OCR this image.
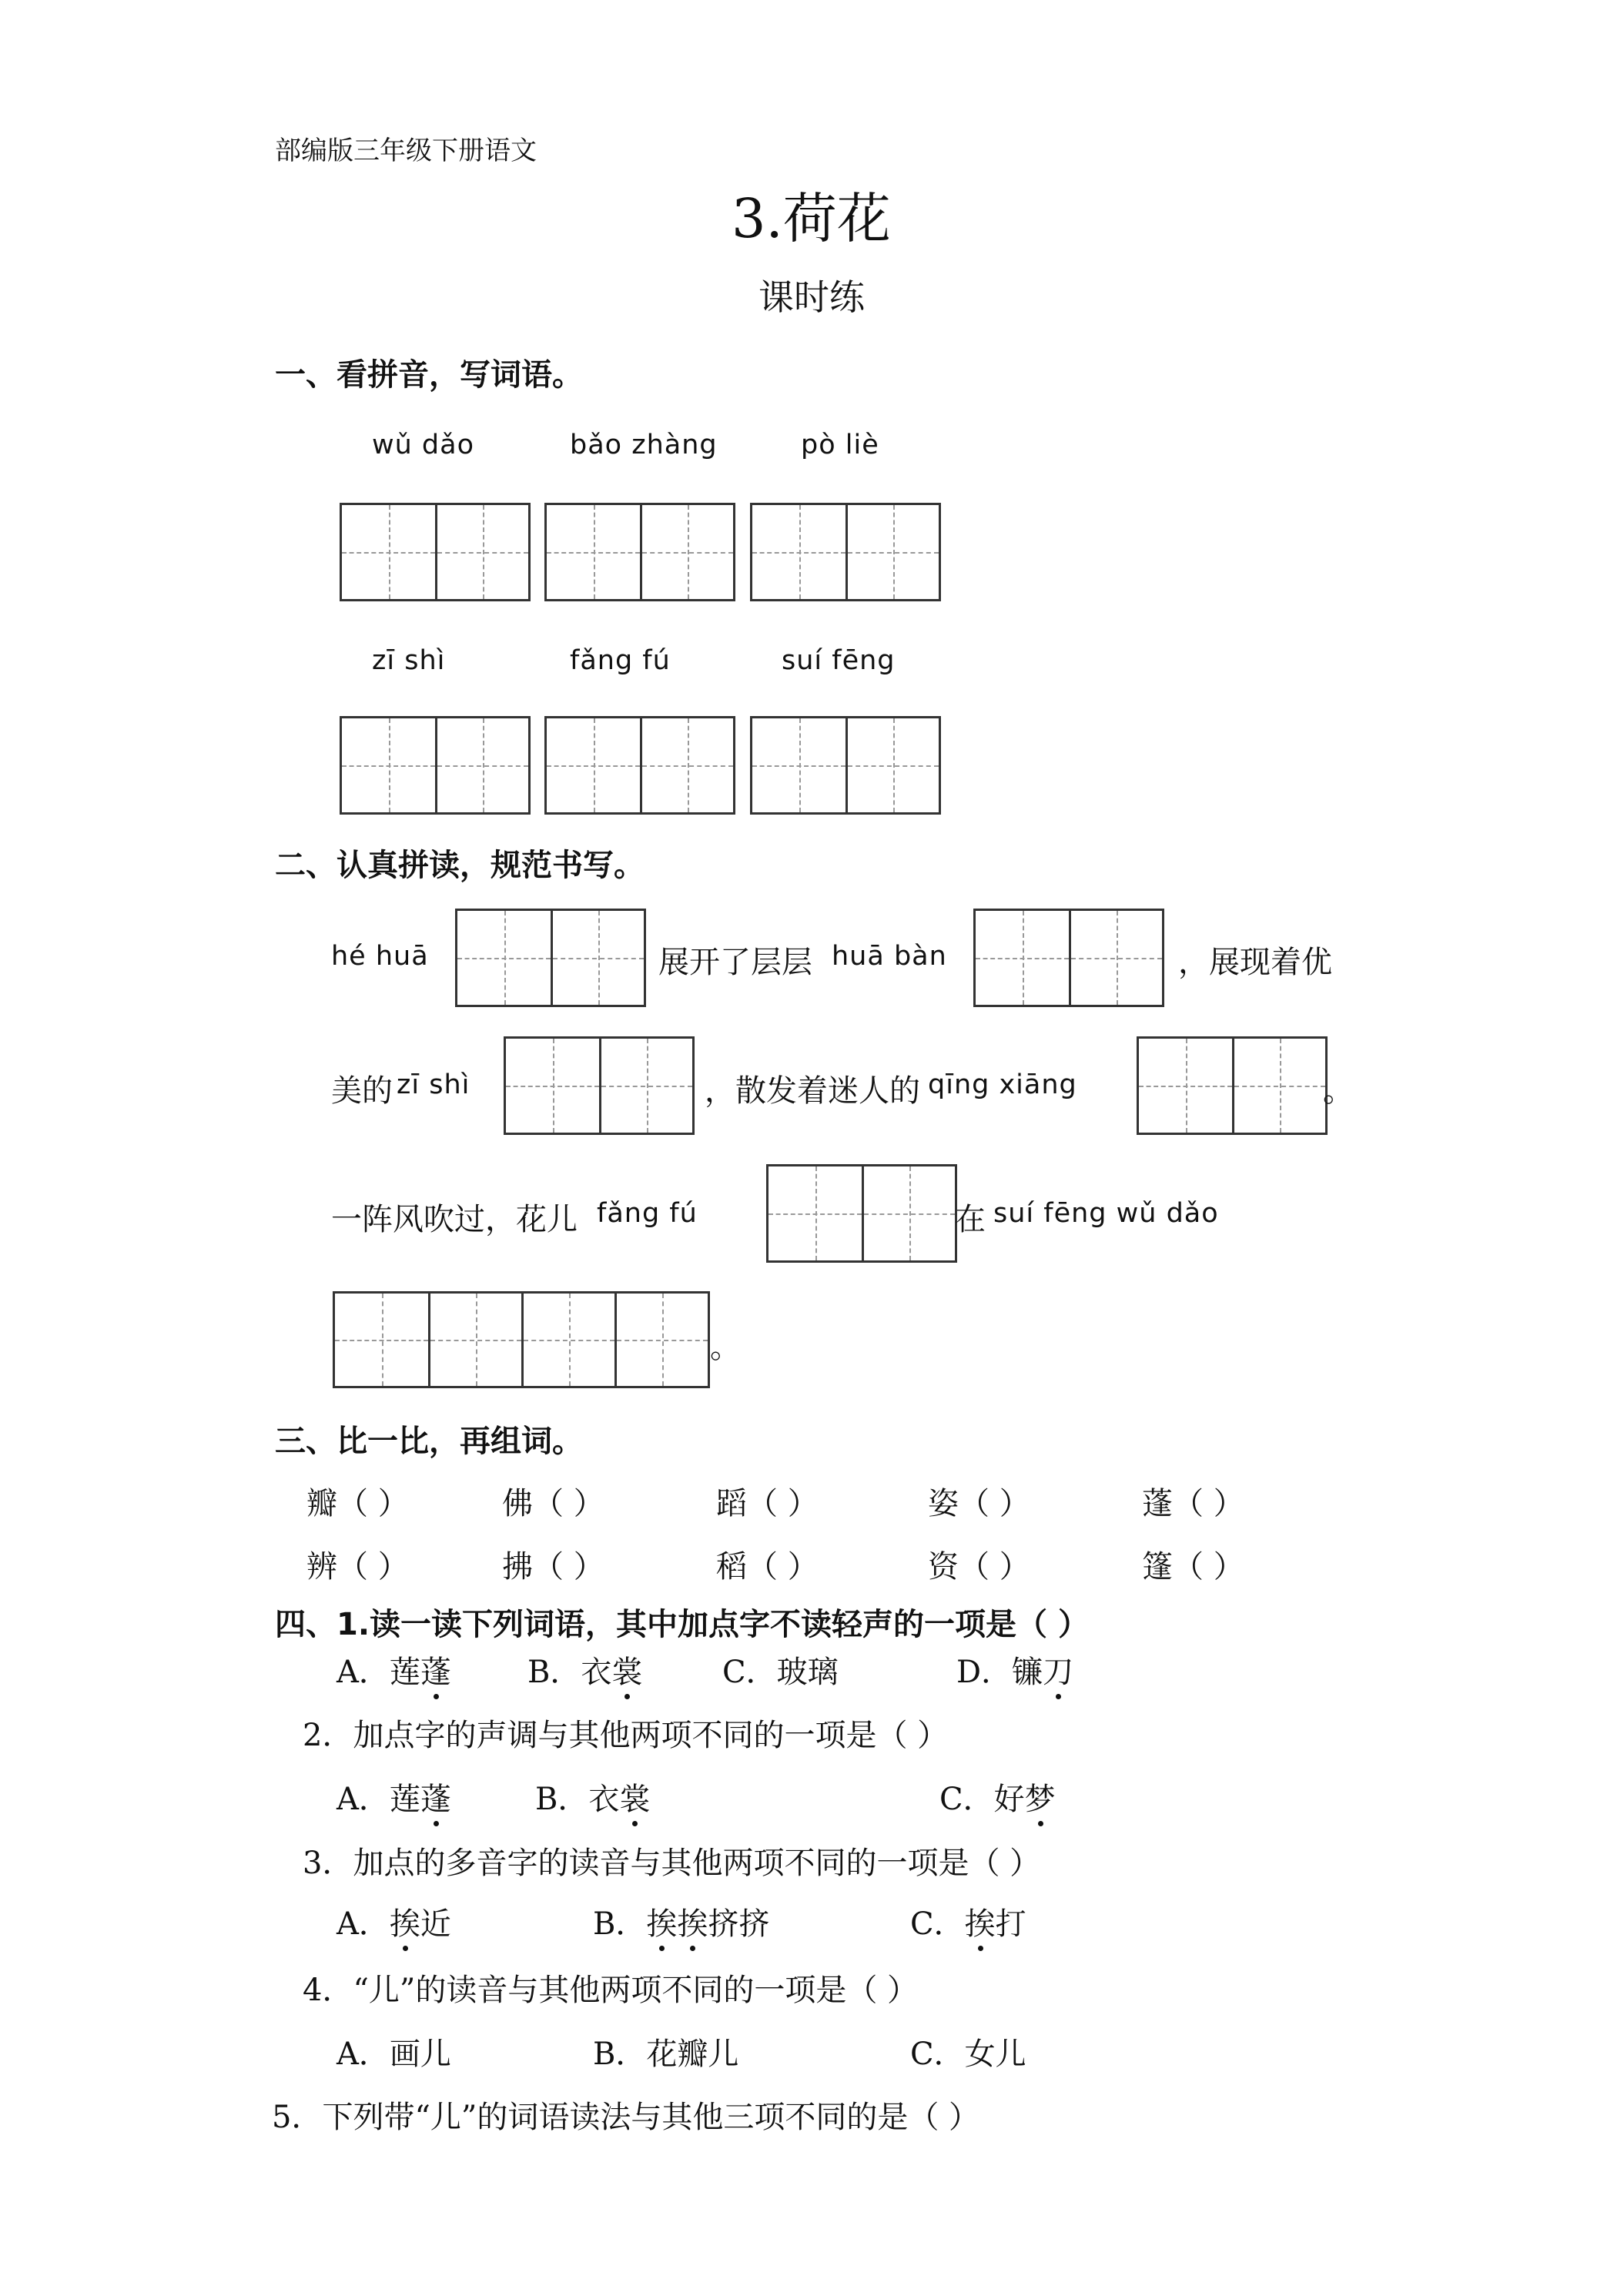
部编版三年级下册语文
3.荷花
课时练
一、看拼音，写词语。
wǔ dǎo	bǎo zhàng	pò liè
zī shì	fǎng fú	suí fēng
二、认真拼读，规范书写。
hé huā	展开了层层 huā bàn	，展现着优
美的 zī shì	，散发着迷人的 qīng xiāng	。
一阵风吹过，花儿 fǎng fú	在 suí fēng wǔ dǎo
。
三、比一比，再组词。
瓣（ ）	佛（ ）	蹈（ ）	姿（ ）	蓬（ ）
辨（ ）	拂（ ）	稻（ ）	资（ ）	篷（ ）
四、1.读一读下列词语，其中加点字不读轻声的一项是（ ）
A．莲蓬 B．衣裳	C．玻璃	D．镰刀
2．加点字的声调与其他两项不同的一项是（ ）
A．莲蓬	B．衣裳	C．好梦
3．加点的多音字的读音与其他两项不同的一项是（ ）
A．挨近	B．挨挨挤挤	C．挨打
4．“儿”的读音与其他两项不同的一项是（ ）
A．画儿	B．花瓣儿	C．女儿
5．下列带“儿”的词语读法与其他三项不同的是（ ）
